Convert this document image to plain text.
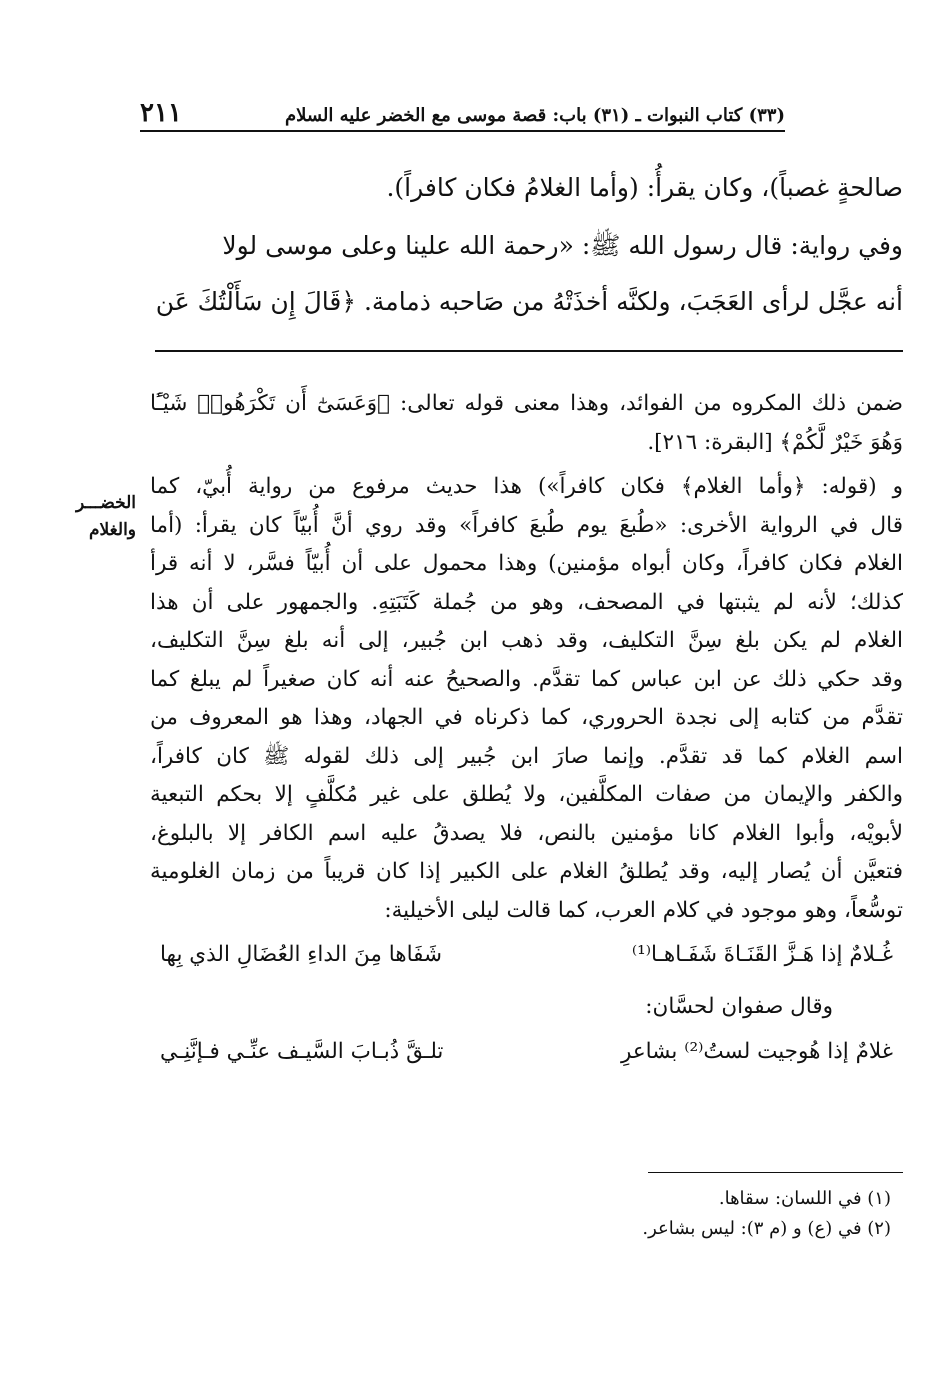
(٣٣) كتاب النبوات ـ (٣١) باب: قصة موسى مع الخضر عليه السلام
٢١١

صالحةٍ غصباً)، وكان يقرأُ: (وأما الغلامُ فكان كافراً).

وفي رواية: قال رسول الله ﷺ: «رحمة الله علينا وعلى موسى لولا

أنه عجَّل لرأى العَجَبَ، ولكنَّه أخذَتْهُ من صَاحبه ذمامة. ﴿قَالَ إِن سَأَلْتُكَ عَن

الخضـــر

والغلام

ضمن ذلك المكروه من الفوائد، وهذا معنى قوله تعالى: ﴿وَعَسَىٰٓ أَن تَكْرَهُوا۟ شَيْـًٔا

وَهُوَ خَيْرٌ لَّكُمْ﴾ [البقرة: ٢١٦].

و (قوله: ﴿وأما الغلام﴾ فكان كافراً») هذا حديث مرفوع من رواية أُبيّ، كما

قال في الرواية الأخرى: «طُبعَ يوم طُبعَ كافراً» وقد روي أنَّ أُبيّاً كان يقرأ: (أما

الغلام فكان كافراً، وكان أبواه مؤمنين) وهذا محمول على أن أُبيّاً فسَّر، لا أنه قرأ

كذلك؛ لأنه لم يثبتها في المصحف، وهو من جُملة كَتَبَتِهِ. والجمهور على أن هذا

الغلام لم يكن بلغ سِنَّ التكليف، وقد ذهب ابن جُبير، إلى أنه بلغ سِنَّ التكليف،

وقد حكي ذلك عن ابن عباس كما تقدَّم. والصحيحُ عنه أنه كان صغيراً لم يبلغ كما

تقدَّم من كتابه إلى نجدة الحروري، كما ذكرناه في الجهاد، وهذا هو المعروف من

اسم الغلام كما قد تقدَّم. وإنما صارَ ابن جُبير إلى ذلك لقوله ﷺ كان كافراً،

والكفر والإيمان من صفات المكلَّفين، ولا يُطلق على غير مُكلَّفٍ إلا بحكم التبعية

لأبويْه، وأبوا الغلام كانا مؤمنين بالنص، فلا يصدقُ عليه اسم الكافر إلا بالبلوغ،

فتعيَّن أن يُصار إليه، وقد يُطلقُ الغلام على الكبير إذا كان قريباً من زمان الغلومية

توسُّعاً، وهو موجود في كلام العرب، كما قالت ليلى الأخيلية:

غُـلامٌ إذا هَـزَّ القَنَـاةَ شَفَـاهـا⁽¹⁾
شَفَاها مِنَ الداءِ العُضَالِ الذي بِها

وقال صفوان لحسَّان:

غلامٌ إذا هُوجيت لستُ⁽²⁾ بشاعرِ
تلـقَّ ذُبـابَ السَّيـف عنِّـي فـإنَّنِـي

(١) في اللسان: سقاها.

(٢) في (ع) و (م ٣): ليس بشاعر.
